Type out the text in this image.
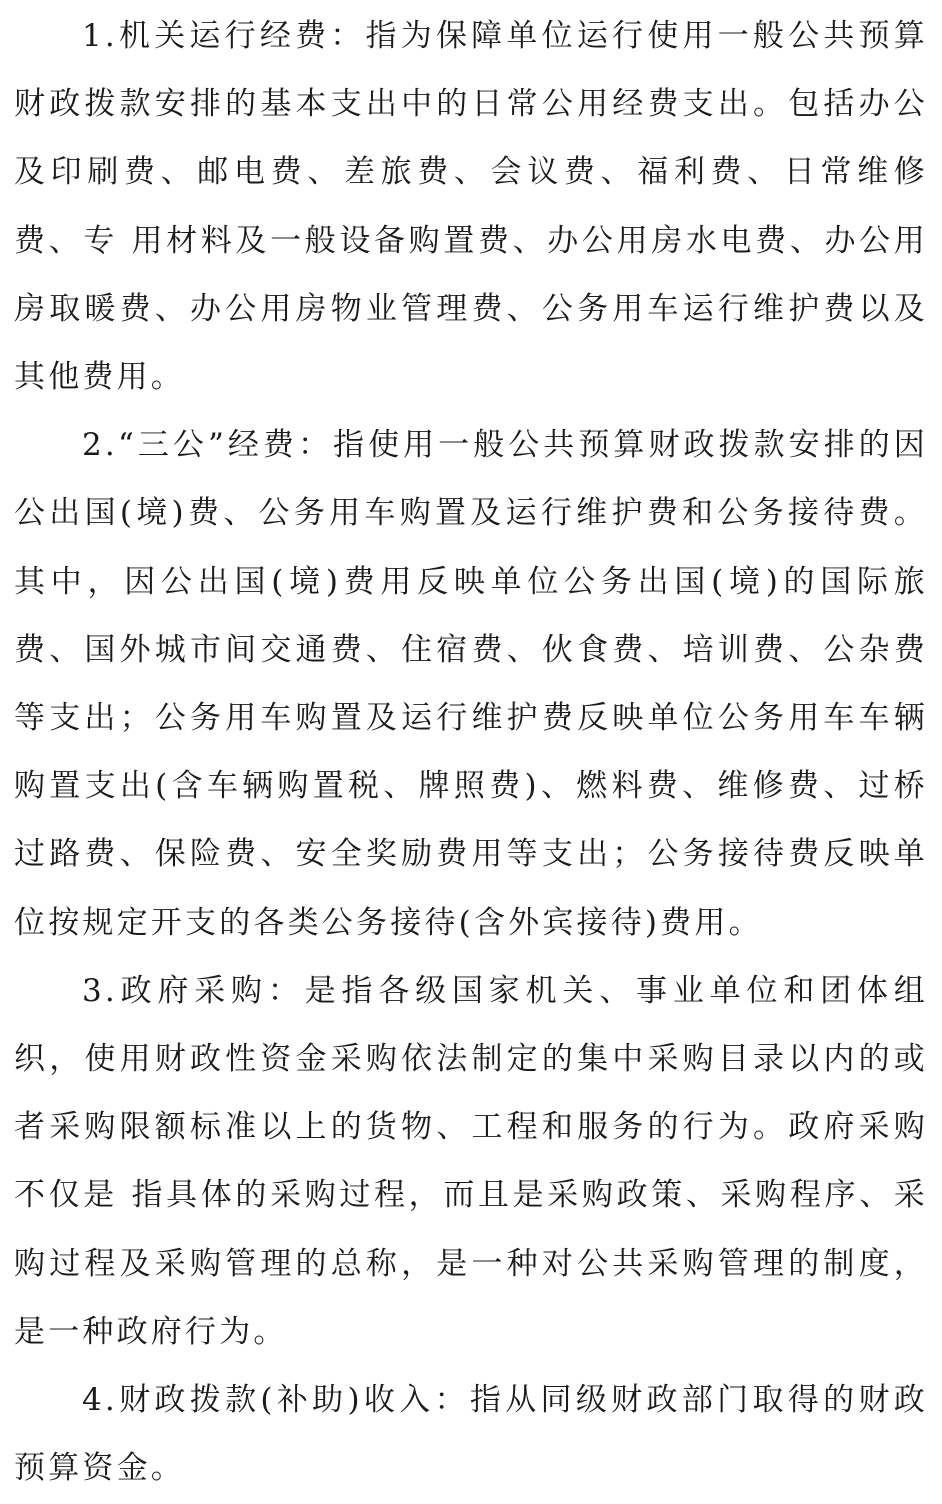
1.机关运行经费：指为保障单位运行使用一般公共预算财政拨款安排的基本支出中的日常公用经费支出。包括办公及印刷费、邮电费、差旅费、会议费、福利费、日常维修费、专 用材料及一般设备购置费、办公用房水电费、办公用房取暖费、办公用房物业管理费、公务用车运行维护费以及其他费用。

2.“三公”经费：指使用一般公共预算财政拨款安排的因公出国(境)费、公务用车购置及运行维护费和公务接待费。其中，因公出国(境)费用反映单位公务出国(境)的国际旅费、国外城市间交通费、住宿费、伙食费、培训费、公杂费等支出；公务用车购置及运行维护费反映单位公务用车车辆购置支出(含车辆购置税、牌照费)、燃料费、维修费、过桥过路费、保险费、安全奖励费用等支出；公务接待费反映单位按规定开支的各类公务接待(含外宾接待)费用。

3.政府采购：是指各级国家机关、事业单位和团体组织，使用财政性资金采购依法制定的集中采购目录以内的或者采购限额标准以上的货物、工程和服务的行为。政府采购不仅是 指具体的采购过程，而且是采购政策、采购程序、采购过程及采购管理的总称，是一种对公共采购管理的制度，是一种政府行为。

4.财政拨款(补助)收入：指从同级财政部门取得的财政预算资金。
